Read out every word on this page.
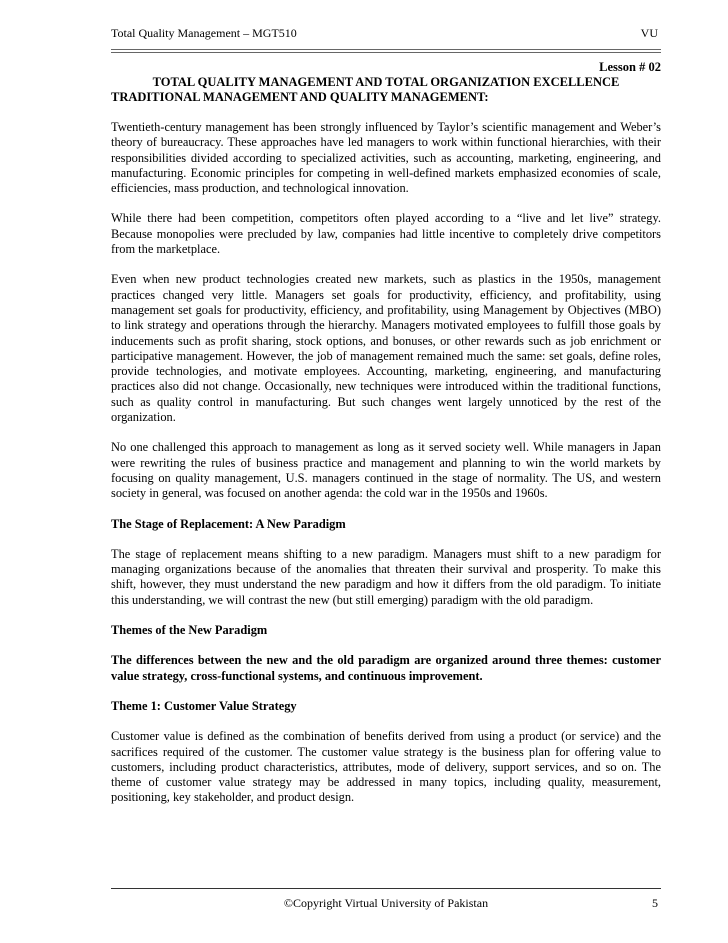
Total Quality Management – MGT510	VU
Lesson # 02
TOTAL QUALITY MANAGEMENT AND TOTAL ORGANIZATION EXCELLENCE
TRADITIONAL MANAGEMENT AND QUALITY MANAGEMENT:

Twentieth-century management has been strongly influenced by Taylor’s scientific management and Weber’s theory of bureaucracy. These approaches have led managers to work within functional hierarchies, with their responsibilities divided according to specialized activities, such as accounting, marketing, engineering, and manufacturing. Economic principles for competing in well-defined markets emphasized economies of scale, efficiencies, mass production, and technological innovation.

While there had been competition, competitors often played according to a “live and let live” strategy. Because monopolies were precluded by law, companies had little incentive to completely drive competitors from the marketplace.

Even when new product technologies created new markets, such as plastics in the 1950s, management practices changed very little. Managers set goals for productivity, efficiency, and profitability, using management set goals for productivity, efficiency, and profitability, using Management by Objectives (MBO) to link strategy and operations through the hierarchy. Managers motivated employees to fulfill those goals by inducements such as profit sharing, stock options, and bonuses, or other rewards such as job enrichment or participative management. However, the job of management remained much the same: set goals, define roles, provide technologies, and motivate employees. Accounting, marketing, engineering, and manufacturing practices also did not change. Occasionally, new techniques were introduced within the traditional functions, such as quality control in manufacturing. But such changes went largely unnoticed by the rest of the organization.

No one challenged this approach to management as long as it served society well. While managers in Japan were rewriting the rules of business practice and management and planning to win the world markets by focusing on quality management, U.S. managers continued in the stage of normality. The US, and western society in general, was focused on another agenda: the cold war in the 1950s and 1960s.

The Stage of Replacement: A New Paradigm

The stage of replacement means shifting to a new paradigm. Managers must shift to a new paradigm for managing organizations because of the anomalies that threaten their survival and prosperity. To make this shift, however, they must understand the new paradigm and how it differs from the old paradigm. To initiate this understanding, we will contrast the new (but still emerging) paradigm with the old paradigm.

Themes of the New Paradigm

The differences between the new and the old paradigm are organized around three themes: customer value strategy, cross-functional systems, and continuous improvement.

Theme 1: Customer Value Strategy

Customer value is defined as the combination of benefits derived from using a product (or service) and the sacrifices required of the customer. The customer value strategy is the business plan for offering value to customers, including product characteristics, attributes, mode of delivery, support services, and so on. The theme of customer value strategy may be addressed in many topics, including quality, measurement, positioning, key stakeholder, and product design.

©Copyright Virtual University of Pakistan	5
